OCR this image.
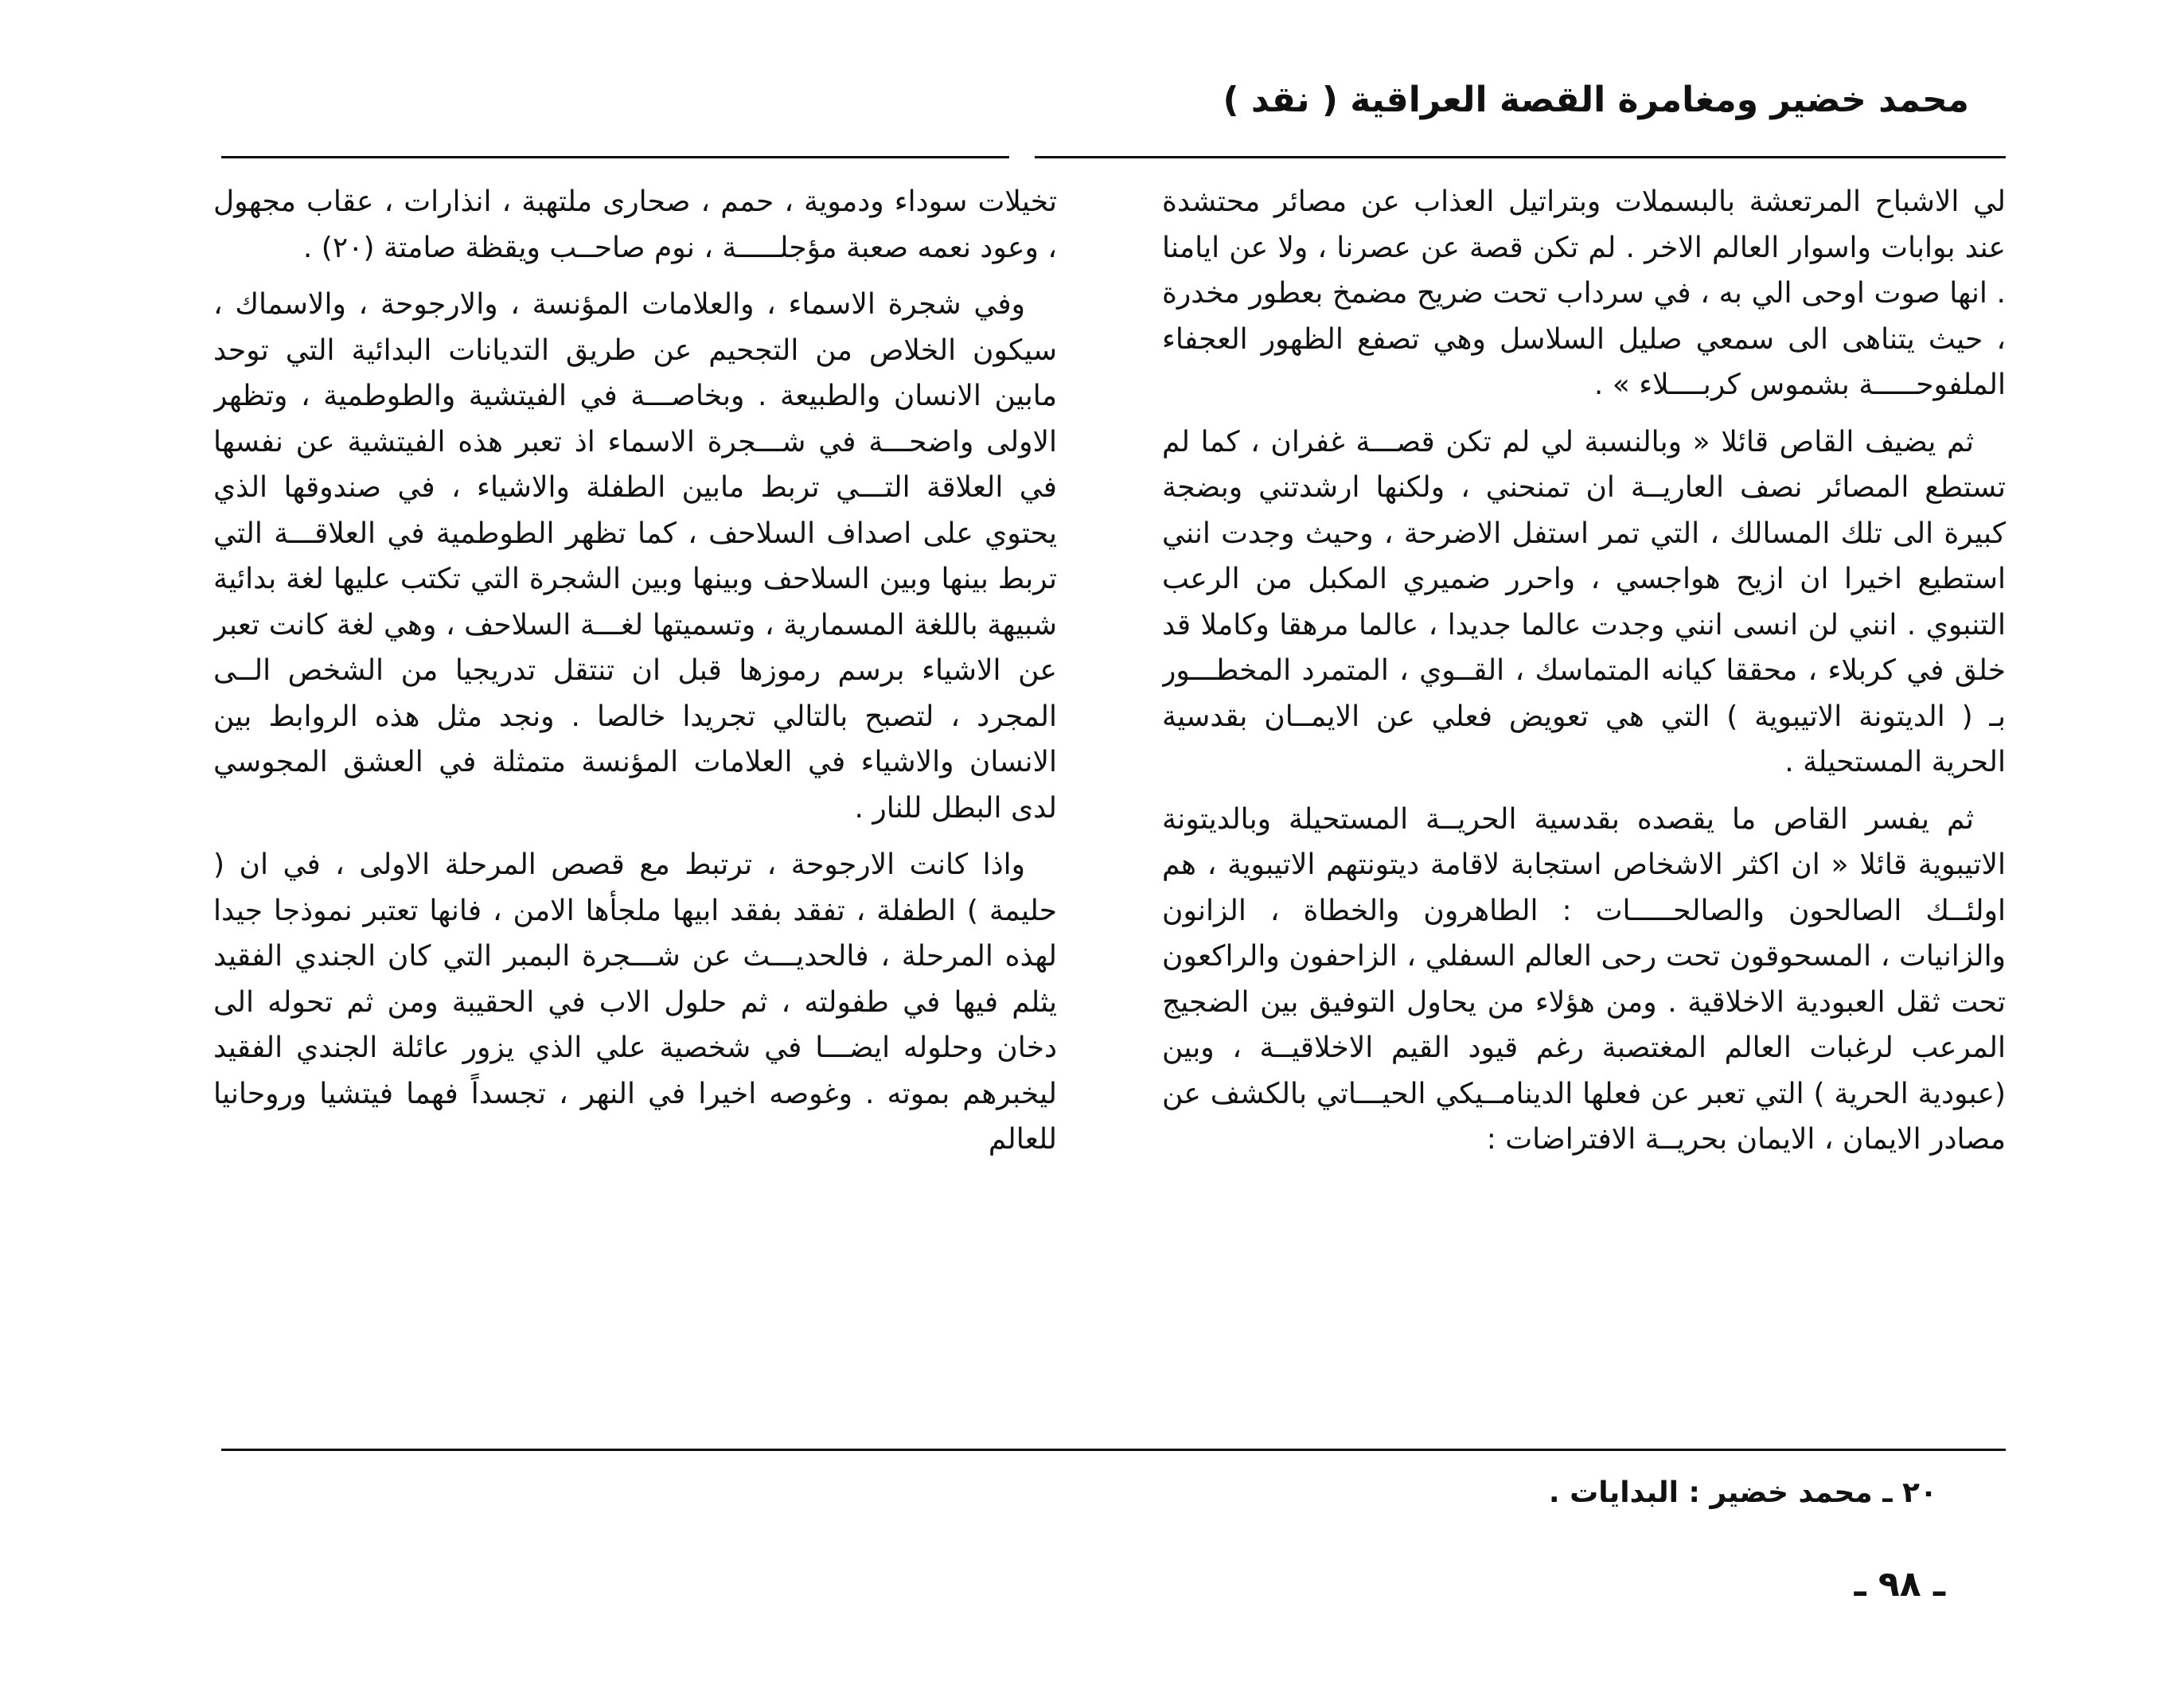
محمد خضير ومغامرة القصة العراقية ( نقد )

لي الاشباح المرتعشة بالبسملات وبتراتيل العذاب عن مصائر محتشدة عند بوابات واسوار العالم الاخر . لم تكن قصة عن عصرنا ، ولا عن ايامنا . انها صوت اوحى الي به ، في سرداب تحت ضريح مضمخ بعطور مخدرة ، حيث يتناهى الى سمعي صليل السلاسل وهي تصفع الظهور العجفاء الملفوحـــــة بشموس كربــــلاء » .

ثم يضيف القاص قائلا « وبالنسبة لي لم تكن قصـــة غفران ، كما لم تستطع المصائر نصف العاريــة ان تمنحني ، ولكنها ارشدتني وبضجة كبيرة الى تلك المسالك ، التي تمر استفل الاضرحة ، وحيث وجدت انني استطيع اخيرا ان ازيح هواجسي ، واحرر ضميري المكبل من الرعب التنبوي . انني لن انسى انني وجدت عالما جديدا ، عالما مرهقا وكاملا قد خلق في كربلاء ، محققا كيانه المتماسك ، القــوي ، المتمرد المخطـــور بـ ( الديتونة الاتيبوية ) التي هي تعويض فعلي عن الايمــان بقدسية الحرية المستحيلة .

ثم يفسر القاص ما يقصده بقدسية الحريــة المستحيلة وبالديتونة الاتيبوية قائلا « ان اكثر الاشخاص استجابة لاقامة ديتونتهم الاتيبوية ، هم اولئــك الصالحون والصالحـــــات : الطاهرون والخطاة ، الزانون والزانيات ، المسحوقون تحت رحى العالم السفلي ، الزاحفون والراكعون تحت ثقل العبودية الاخلاقية . ومن هؤلاء من يحاول التوفيق بين الضجيج المرعب لرغبات العالم المغتصبة رغم قيود القيم الاخلاقيــة ، وبين (عبودية الحرية ) التي تعبر عن فعلها الدينامــيكي الحيـــاتي بالكشف عن مصادر الايمان ، الايمان بحريــة الافتراضات :

تخيلات سوداء ودموية ، حمم ، صحارى ملتهبة ، انذارات ، عقاب مجهول ، وعود نعمه صعبة مؤجلـــــة ، نوم صاحــب ويقظة صامتة (٢٠) .

وفي شجرة الاسماء ، والعلامات المؤنسة ، والارجوحة ، والاسماك ، سيكون الخلاص من التجحيم عن طريق التديانات البدائية التي توحد مابين الانسان والطبيعة . وبخاصـــة في الفيتشية والطوطمية ، وتظهر الاولى واضحـــة في شـــجرة الاسماء اذ تعبر هذه الفيتشية عن نفسها في العلاقة التـــي تربط مابين الطفلة والاشياء ، في صندوقها الذي يحتوي على اصداف السلاحف ، كما تظهر الطوطمية في العلاقـــة التي تربط بينها وبين السلاحف وبينها وبين الشجرة التي تكتب عليها لغة بدائية شبيهة باللغة المسمارية ، وتسميتها لغـــة السلاحف ، وهي لغة كانت تعبر عن الاشياء برسم رموزها قبل ان تنتقل تدريجيا من الشخص الــى المجرد ، لتصبح بالتالي تجريدا خالصا . ونجد مثل هذه الروابط بين الانسان والاشياء في العلامات المؤنسة متمثلة في العشق المجوسي لدى البطل للنار .

واذا كانت الارجوحة ، ترتبط مع قصص المرحلة الاولى ، في ان ( حليمة ) الطفلة ، تفقد بفقد ابيها ملجأها الامن ، فانها تعتبر نموذجا جيدا لهذه المرحلة ، فالحديـــث عن شـــجرة البمبر التي كان الجندي الفقيد يثلم فيها في طفولته ، ثم حلول الاب في الحقيبة ومن ثم تحوله الى دخان وحلوله ايضـــا في شخصية علي الذي يزور عائلة الجندي الفقيد ليخبرهم بموته . وغوصه اخيرا في النهر ، تجسداً فهما فيتشيا وروحانيا للعالم

٢٠ ـ محمد خضير : البدايات .
ـ ٩٨ ـ
